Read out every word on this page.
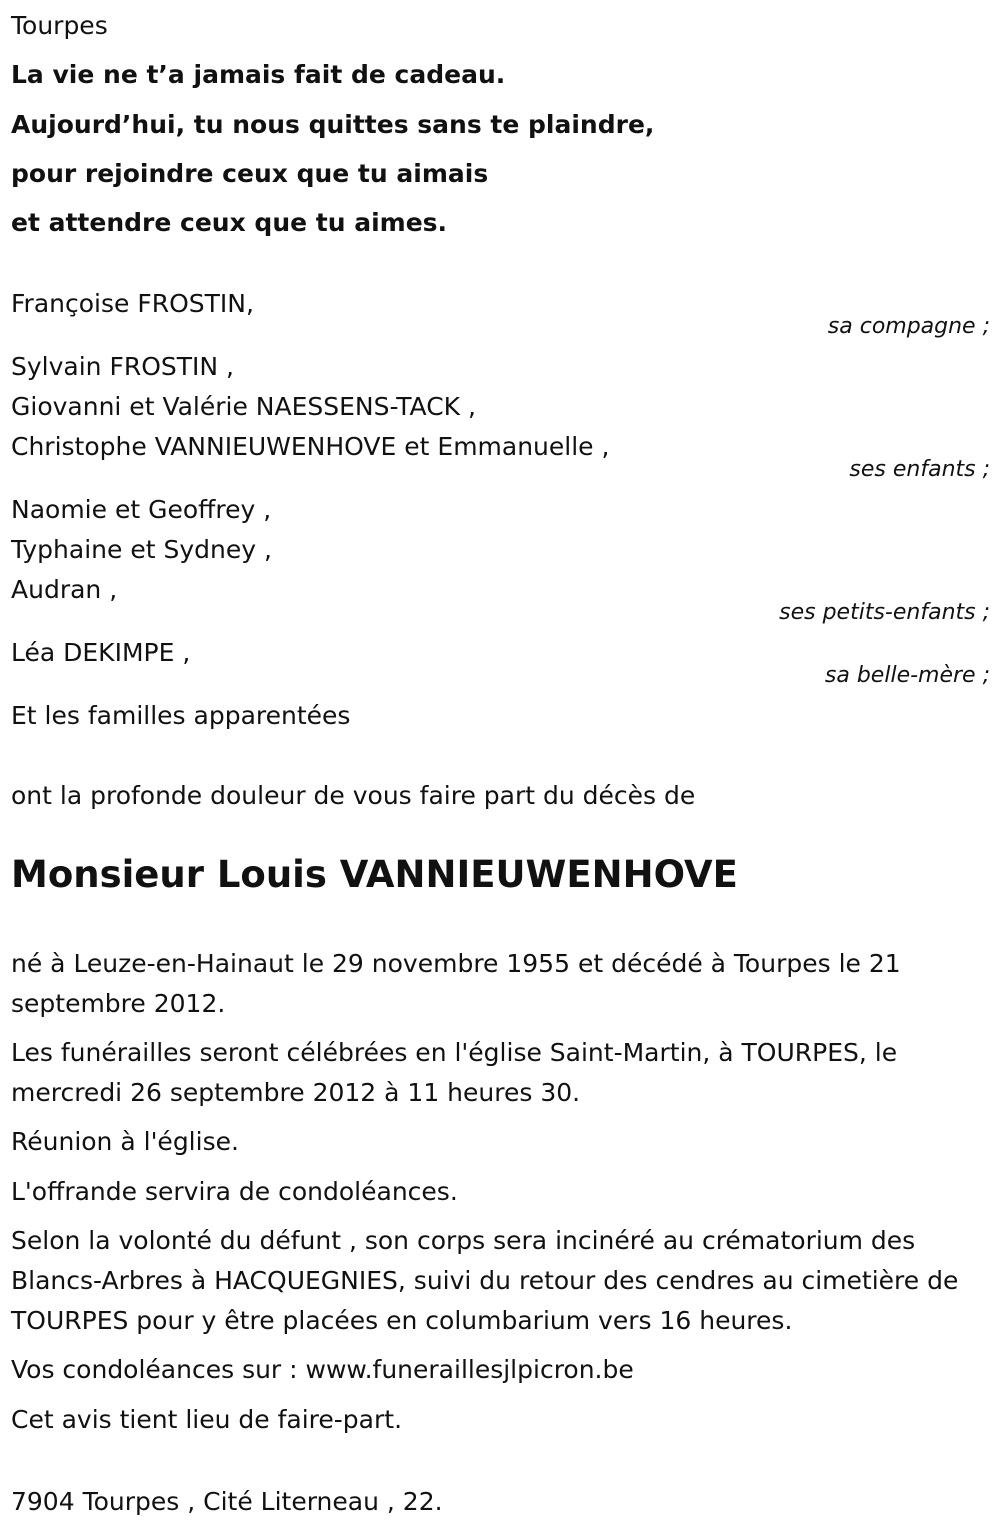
Tourpes
La vie ne t’a jamais fait de cadeau.
Aujourd’hui, tu nous quittes sans te plaindre,
pour rejoindre ceux que tu aimais
et attendre ceux que tu aimes.
Françoise FROSTIN,
sa compagne ;
Sylvain FROSTIN ,
Giovanni et Valérie NAESSENS-TACK ,
Christophe VANNIEUWENHOVE et Emmanuelle ,
ses enfants ;
Naomie et Geoffrey ,
Typhaine et Sydney ,
Audran ,
ses petits-enfants ;
Léa DEKIMPE ,
sa belle-mère ;
Et les familles apparentées
ont la profonde douleur de vous faire part du décès de
Monsieur Louis VANNIEUWENHOVE
né à Leuze-en-Hainaut le 29 novembre 1955 et décédé à Tourpes le 21 septembre 2012.
Les funérailles seront célébrées en l'église Saint-Martin, à TOURPES, le mercredi 26 septembre 2012 à 11 heures 30.
Réunion à l'église.
L'offrande servira de condoléances.
Selon la volonté du défunt , son corps sera incinéré au crématorium des Blancs-Arbres à HACQUEGNIES, suivi du retour des cendres au cimetière de TOURPES pour y être placées en columbarium vers 16 heures.
Vos condoléances sur : www.funeraillesjlpicron.be
Cet avis tient lieu de faire-part.
7904 Tourpes , Cité Literneau , 22.
